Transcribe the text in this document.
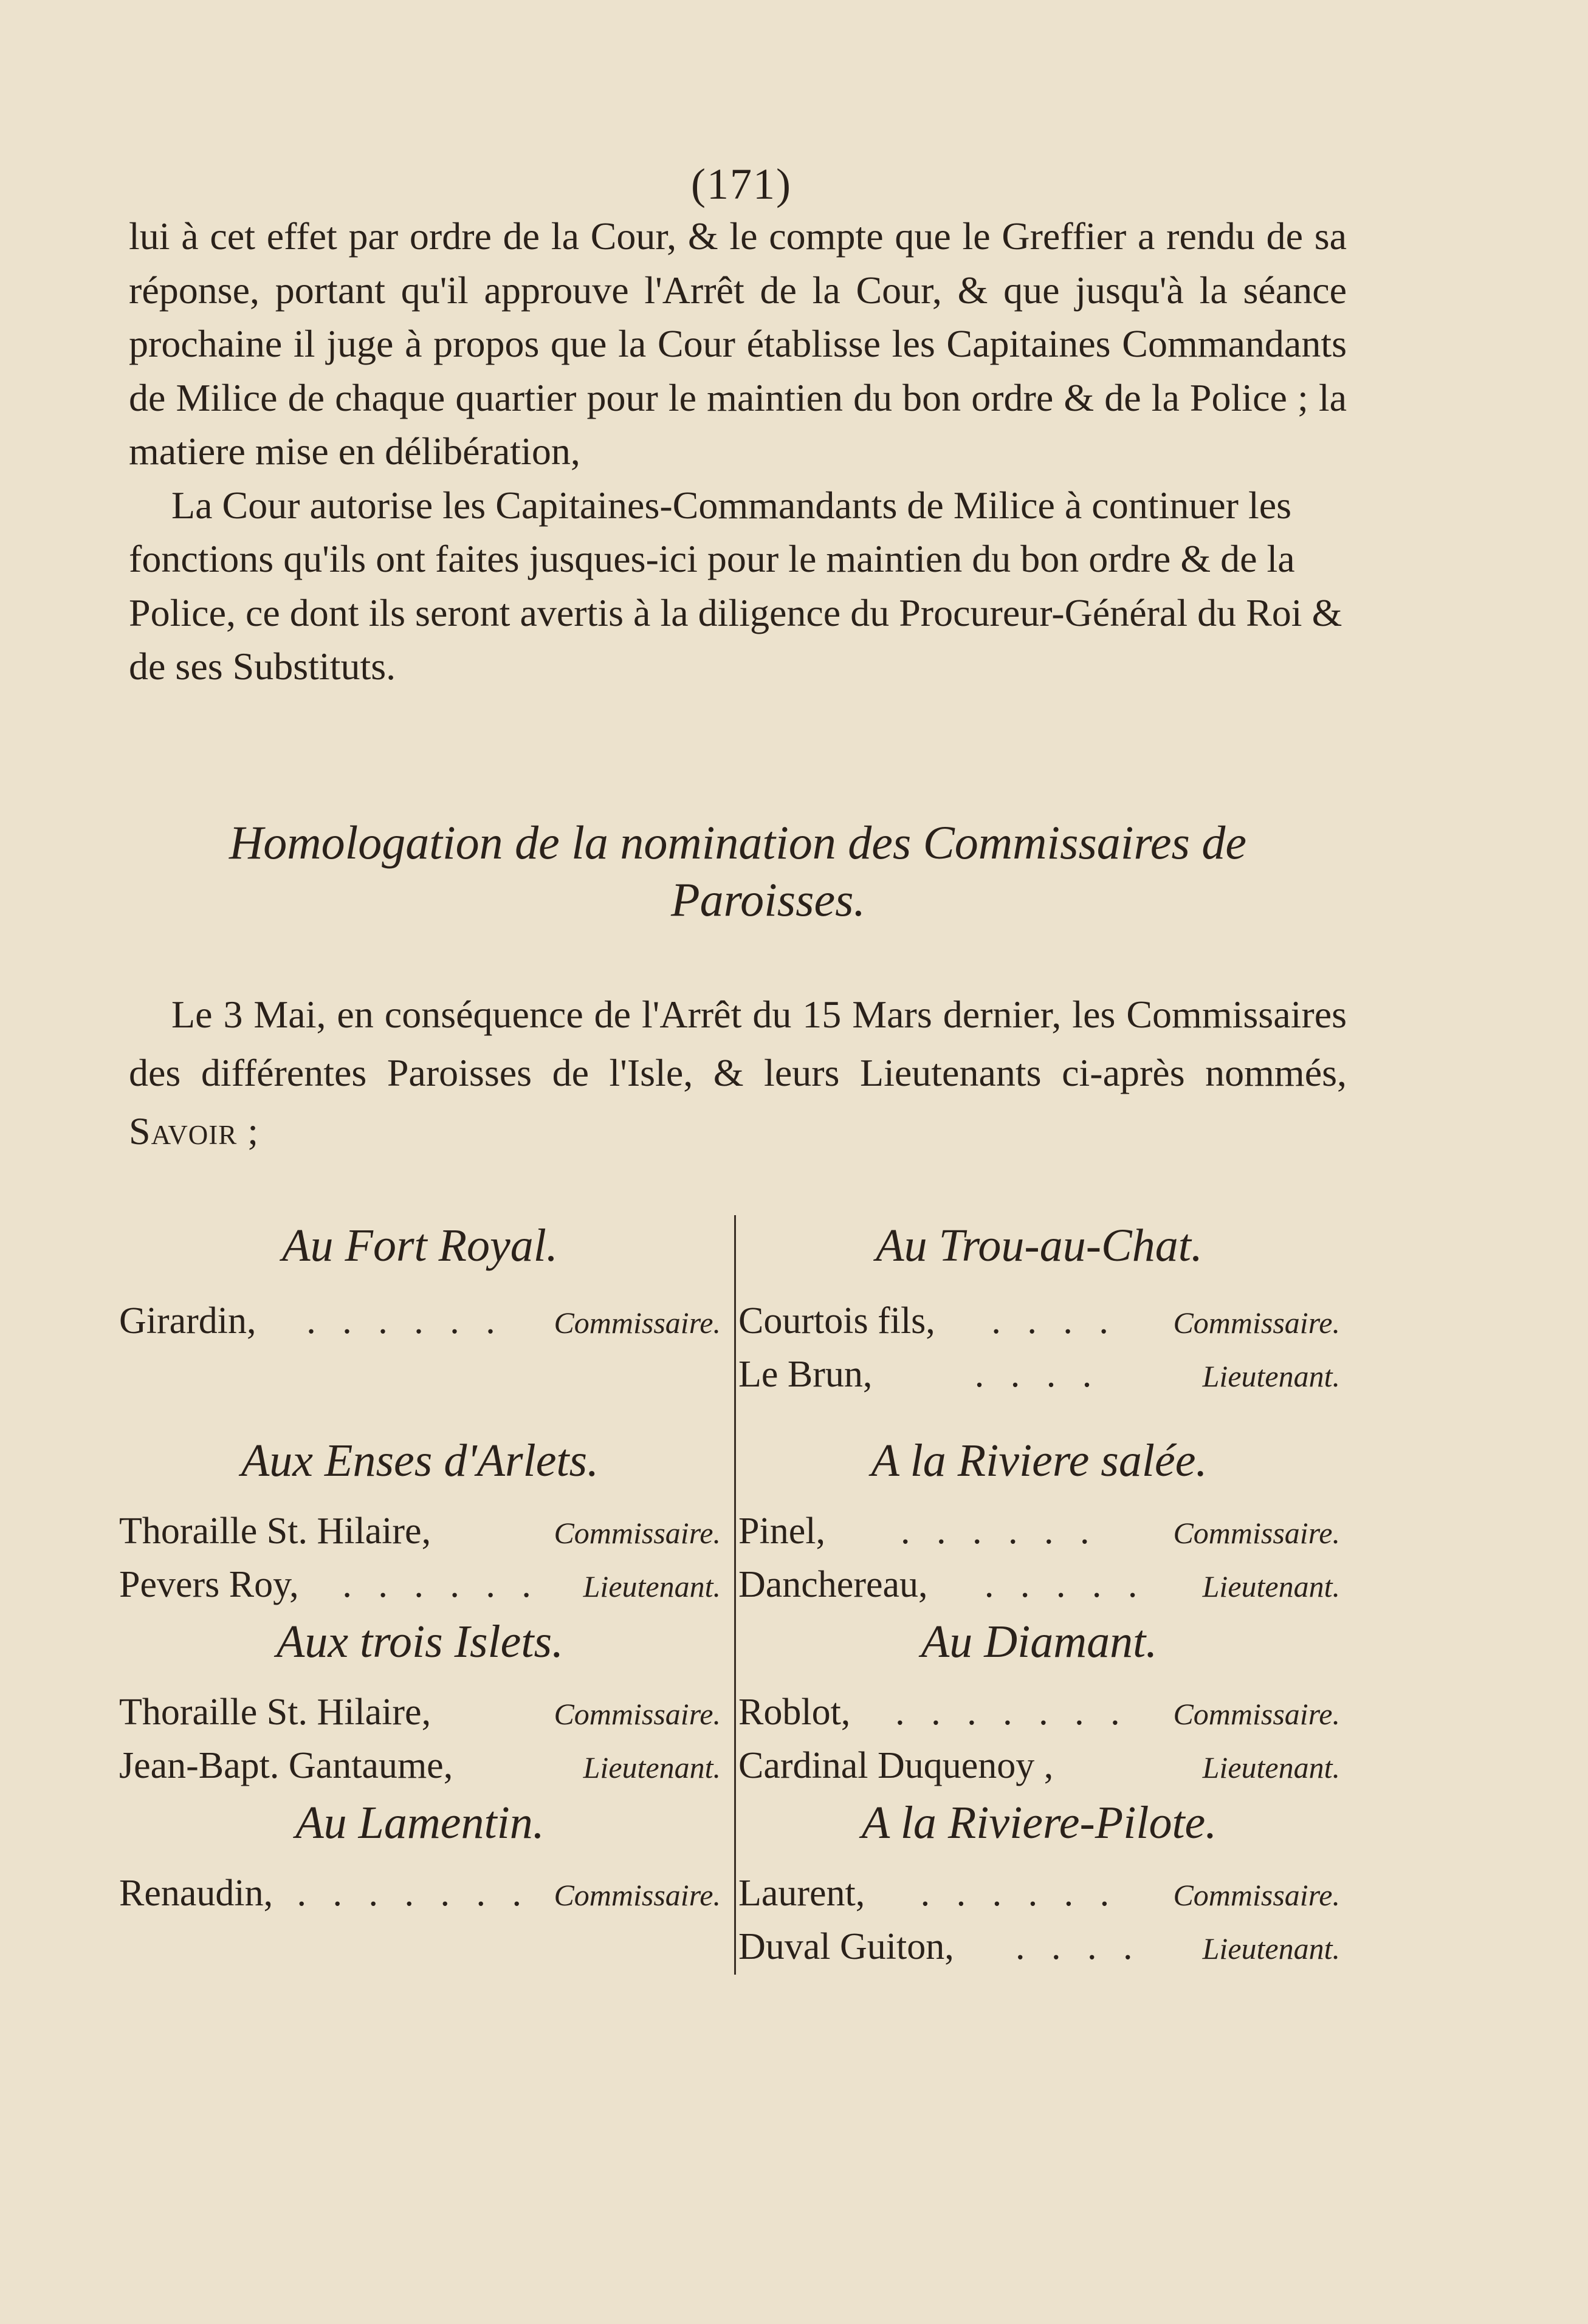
(171)

lui à cet effet par ordre de la Cour, & le compte que le Greffier a rendu de sa réponse, portant qu'il approuve l'Arrêt de la Cour, & que jusqu'à la séance prochaine il juge à propos que la Cour établisse les Capitaines Commandants de Milice de chaque quartier pour le maintien du bon ordre & de la Police ; la matiere mise en délibération,

La Cour autorise les Capitaines-Commandants de Milice à continuer les fonctions qu'ils ont faites jusques-ici pour le maintien du bon ordre & de la Police, ce dont ils seront avertis à la diligence du Procureur-Général du Roi & de ses Substituts.

Homologation de la nomination des Commissaires de
Paroisses.

Le 3 Mai, en conséquence de l'Arrêt du 15 Mars dernier, les Commissaires des différentes Paroisses de l'Isle, & leurs Lieutenants ci-après nommés, Savoir ;

Au Fort Royal.
Girardin,	. . . . . .	Commissaire.
Aux Enses d'Arlets.
Thoraille St. Hilaire,	Commissaire.
Pevers Roy,	. . . . . .	Lieutenant.
Aux trois Islets.
Thoraille St. Hilaire,	Commissaire.
Jean-Bapt. Gantaume,	Lieutenant.
Au Lamentin.
Renaudin, . . . . . . . Commissaire.
Au Trou-au-Chat.
Courtois fils,	. . . .	Commissaire.
Le Brun,	. . . .	Lieutenant.
A la Riviere salée.
Pinel,	. . . . . .	Commissaire.
Danchereau,	. . . . .	Lieutenant.
Au Diamant.
Roblot,	. . . . . . .	Commissaire.
Cardinal Duquenoy ,	Lieutenant.
A la Riviere-Pilote.
Laurent,	. . . . . .	Commissaire.
Duval Guiton,	. . . .	Lieutenant.
